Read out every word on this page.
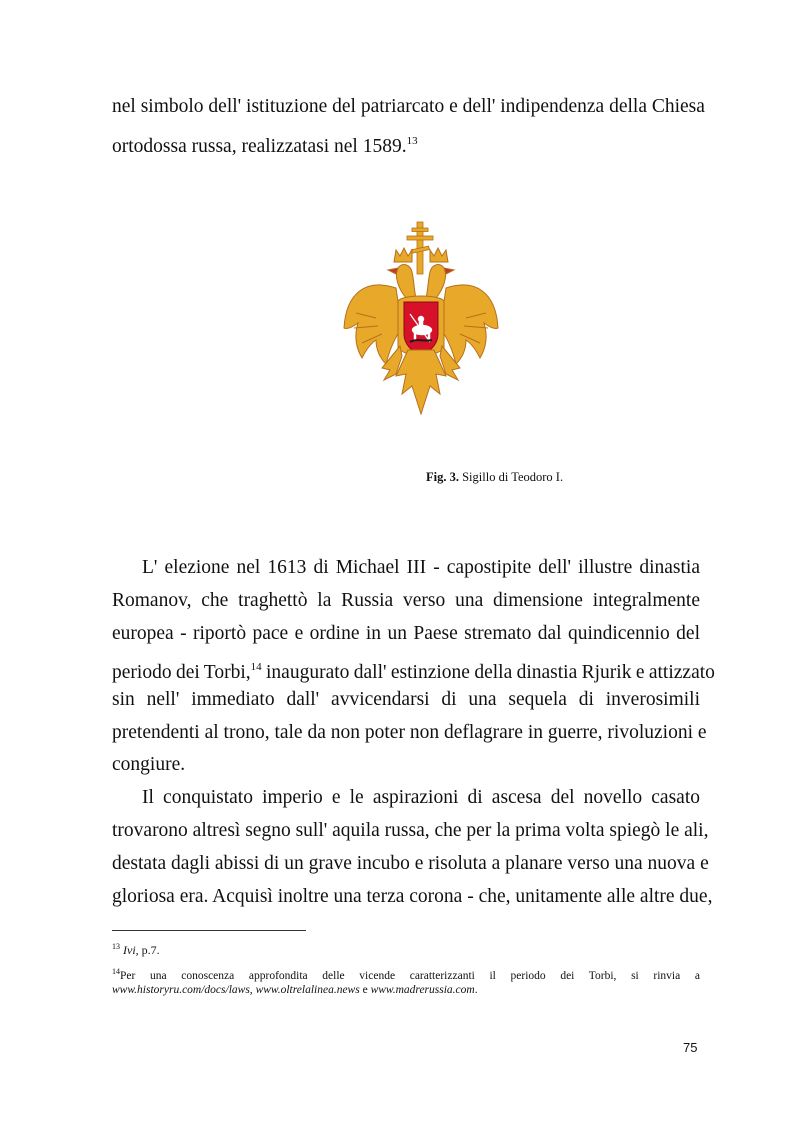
nel simbolo dell' istituzione del patriarcato e dell' indipendenza della Chiesa
ortodossa russa, realizzatasi nel 1589.13
Fig. 3. Sigillo di Teodoro I.
L' elezione nel 1613 di Michael III - capostipite dell' illustre dinastia
Romanov, che traghettò la Russia verso una dimensione integralmente
europea - riportò pace e ordine in un Paese stremato dal quindicennio del
periodo dei Torbi,$^{14}$ inaugurato dall' estinzione della dinastia Rjurik e attizzato
sin nell' immediato dall' avvicendarsi di una sequela di inverosimili
pretendenti al trono, tale da non poter non deflagrare in guerre, rivoluzioni e
congiure.
Il conquistato imperio e le aspirazioni di ascesa del novello casato
trovarono altresì segno sull' aquila russa, che per la prima volta spiegò le ali,
destata dagli abissi di un grave incubo e risoluta a planare verso una nuova e
gloriosa era. Acquisì inoltre una terza corona - che, unitamente alle altre due,
$^{13}$ Ivi, p.7.
$^{14}$Per una conoscenza approfondita delle vicende caratterizzanti il periodo dei Torbi, si rinvia a
www.historyru.com/docs/laws, www.oltrelalinea.news e www.madrerussia.com.
75
